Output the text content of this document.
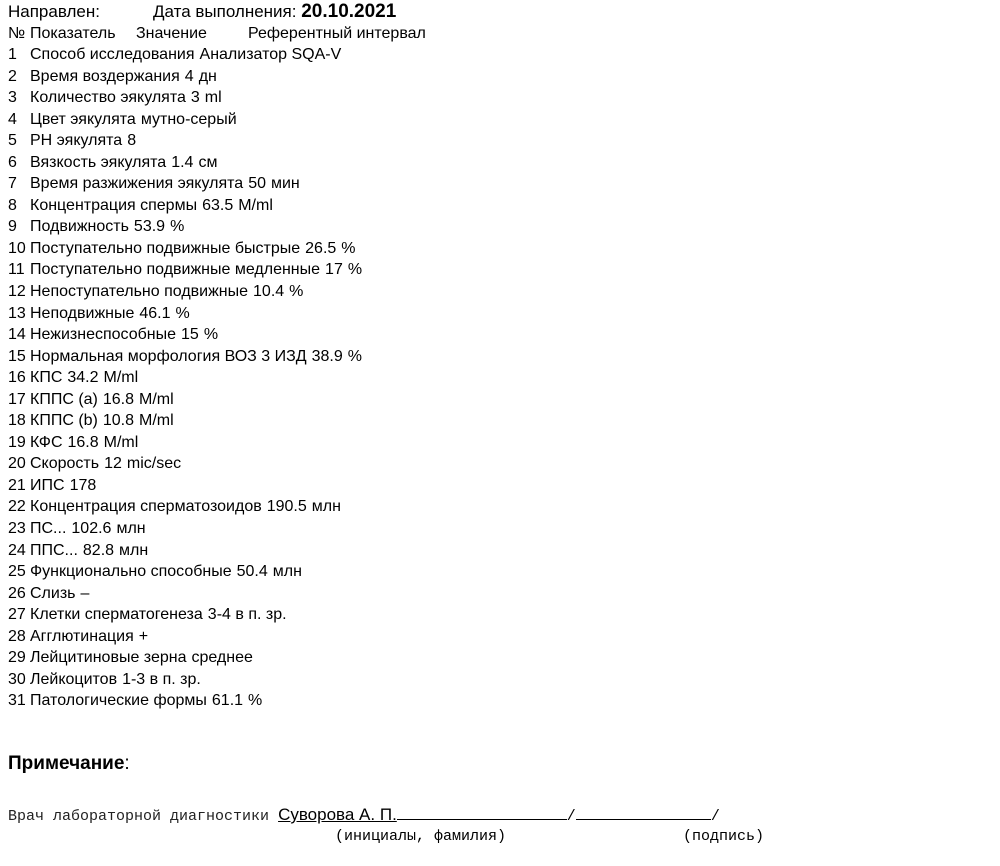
Направлен:	Дата выполнения: 20.10.2021
№ Показатель Значение	Референтный интервал
1 Способ исследования Анализатор SQA-V
2 Время воздержания 4 дн
3 Количество эякулята 3 ml
4 Цвет эякулята мутно-серый
5 РН эякулята 8
6 Вязкость эякулята 1.4 см
7 Время разжижения эякулята 50 мин
8 Концентрация спермы 63.5 M/ml
9 Подвижность 53.9 %
10 Поступательно подвижные быстрые 26.5 %
11 Поступательно подвижные медленные 17 %
12 Непоступательно подвижные 10.4 %
13 Неподвижные 46.1 %
14 Нежизнеспособные 15 %
15 Нормальная морфология ВОЗ 3 ИЗД 38.9 %
16 КПС 34.2 M/ml
17 КППС (a) 16.8 M/ml
18 КППС (b) 10.8 M/ml
19 КФС 16.8 M/ml
20 Скорость 12 mic/sec
21 ИПС 178
22 Концентрация сперматозоидов 190.5 млн
23 ПС... 102.6 млн
24 ППС... 82.8 млн
25 Функционально способные 50.4 млн
26 Слизь –
27 Клетки сперматогенеза 3-4 в п. зр.
28 Агглютинация +
29 Лейцитиновые зерна среднее
30 Лейкоцитов 1-3 в п. зр.
31 Патологические формы 61.1 %
Примечание:
Врач лабораторной диагностики Суворова А. П.	/	/
(инициалы, фамилия)	(подпись)
